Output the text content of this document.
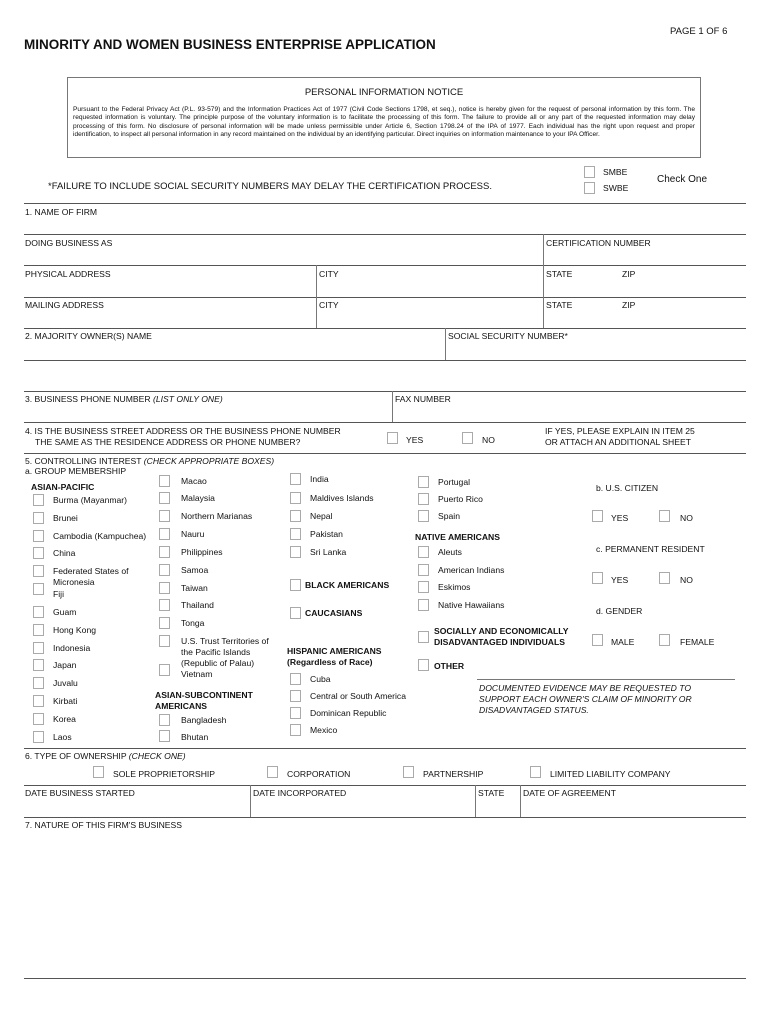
PAGE 1 OF 6
MINORITY AND WOMEN BUSINESS ENTERPRISE APPLICATION
PERSONAL INFORMATION NOTICE
Pursuant to the Federal Privacy Act (P.L. 93-579) and the Information Practices Act of 1977 (Civil Code Sections 1798, et seq.), notice is hereby given for the request of personal information by this form. The requested information is voluntary. The principle purpose of the voluntary information is to facilitate the processing of this form. The failure to provide all or any part of the requested information may delay processing of this form. No disclosure of personal information will be made unless permissible under Article 6, Section 1798.24 of the IPA of 1977. Each individual has the right upon request and proper identification, to inspect all personal information in any record maintained on the individual by an identifying particular. Direct inquiries on information maintenance to your IPA Officer.
*FAILURE TO INCLUDE SOCIAL SECURITY NUMBERS MAY DELAY THE CERTIFICATION PROCESS.
SMBE
SWBE
Check One
1. NAME OF FIRM
DOING BUSINESS AS	CERTIFICATION NUMBER
PHYSICAL ADDRESS	CITY	STATE	ZIP
MAILING ADDRESS	CITY	STATE	ZIP
2. MAJORITY OWNER(S) NAME	SOCIAL SECURITY NUMBER*
3. BUSINESS PHONE NUMBER (LIST ONLY ONE)	FAX NUMBER
4. IS THE BUSINESS STREET ADDRESS OR THE BUSINESS PHONE NUMBER
THE SAME AS THE RESIDENCE ADDRESS OR PHONE NUMBER?	YES	NO
IF YES, PLEASE EXPLAIN IN ITEM 25
OR ATTACH AN ADDITIONAL SHEET
5. CONTROLLING INTEREST (CHECK APPROPRIATE BOXES)
a. GROUP MEMBERSHIP
ASIAN-PACIFIC
Burma (Mayanmar)
Brunei
Cambodia (Kampuchea)
China
Federated States of
Micronesia
Fiji
Guam
Hong Kong
Indonesia
Japan
Juvalu
Kirbati
Korea
Laos
Macao
Malaysia
Northern Marianas
Nauru
Philippines
Samoa
Taiwan
Thailand
Tonga
U.S. Trust Territories of
the Pacific Islands
(Republic of Palau)
Vietnam
ASIAN-SUBCONTINENT
AMERICANS
Bangladesh
Bhutan
India
Maldives Islands
Nepal
Pakistan
Sri Lanka
BLACK AMERICANS
CAUCASIANS
HISPANIC AMERICANS
(Regardless of Race)
Cuba
Central or South America
Dominican Republic
Mexico
Portugal
Puerto Rico
Spain
NATIVE AMERICANS
Aleuts
American Indians
Eskimos
Native Hawaiians
SOCIALLY AND ECONOMICALLY
DISADVANTAGED INDIVIDUALS
OTHER
b. U.S. CITIZEN
YES	NO
c. PERMANENT RESIDENT
YES	NO
d. GENDER
MALE	FEMALE
DOCUMENTED EVIDENCE MAY BE REQUESTED TO
SUPPORT EACH OWNER'S CLAIM OF MINORITY OR
DISADVANTAGED STATUS.
6. TYPE OF OWNERSHIP (CHECK ONE)
SOLE PROPRIETORSHIP	CORPORATION	PARTNERSHIP	LIMITED LIABILITY COMPANY
DATE BUSINESS STARTED	DATE INCORPORATED	STATE DATE OF AGREEMENT
7. NATURE OF THIS FIRM'S BUSINESS
